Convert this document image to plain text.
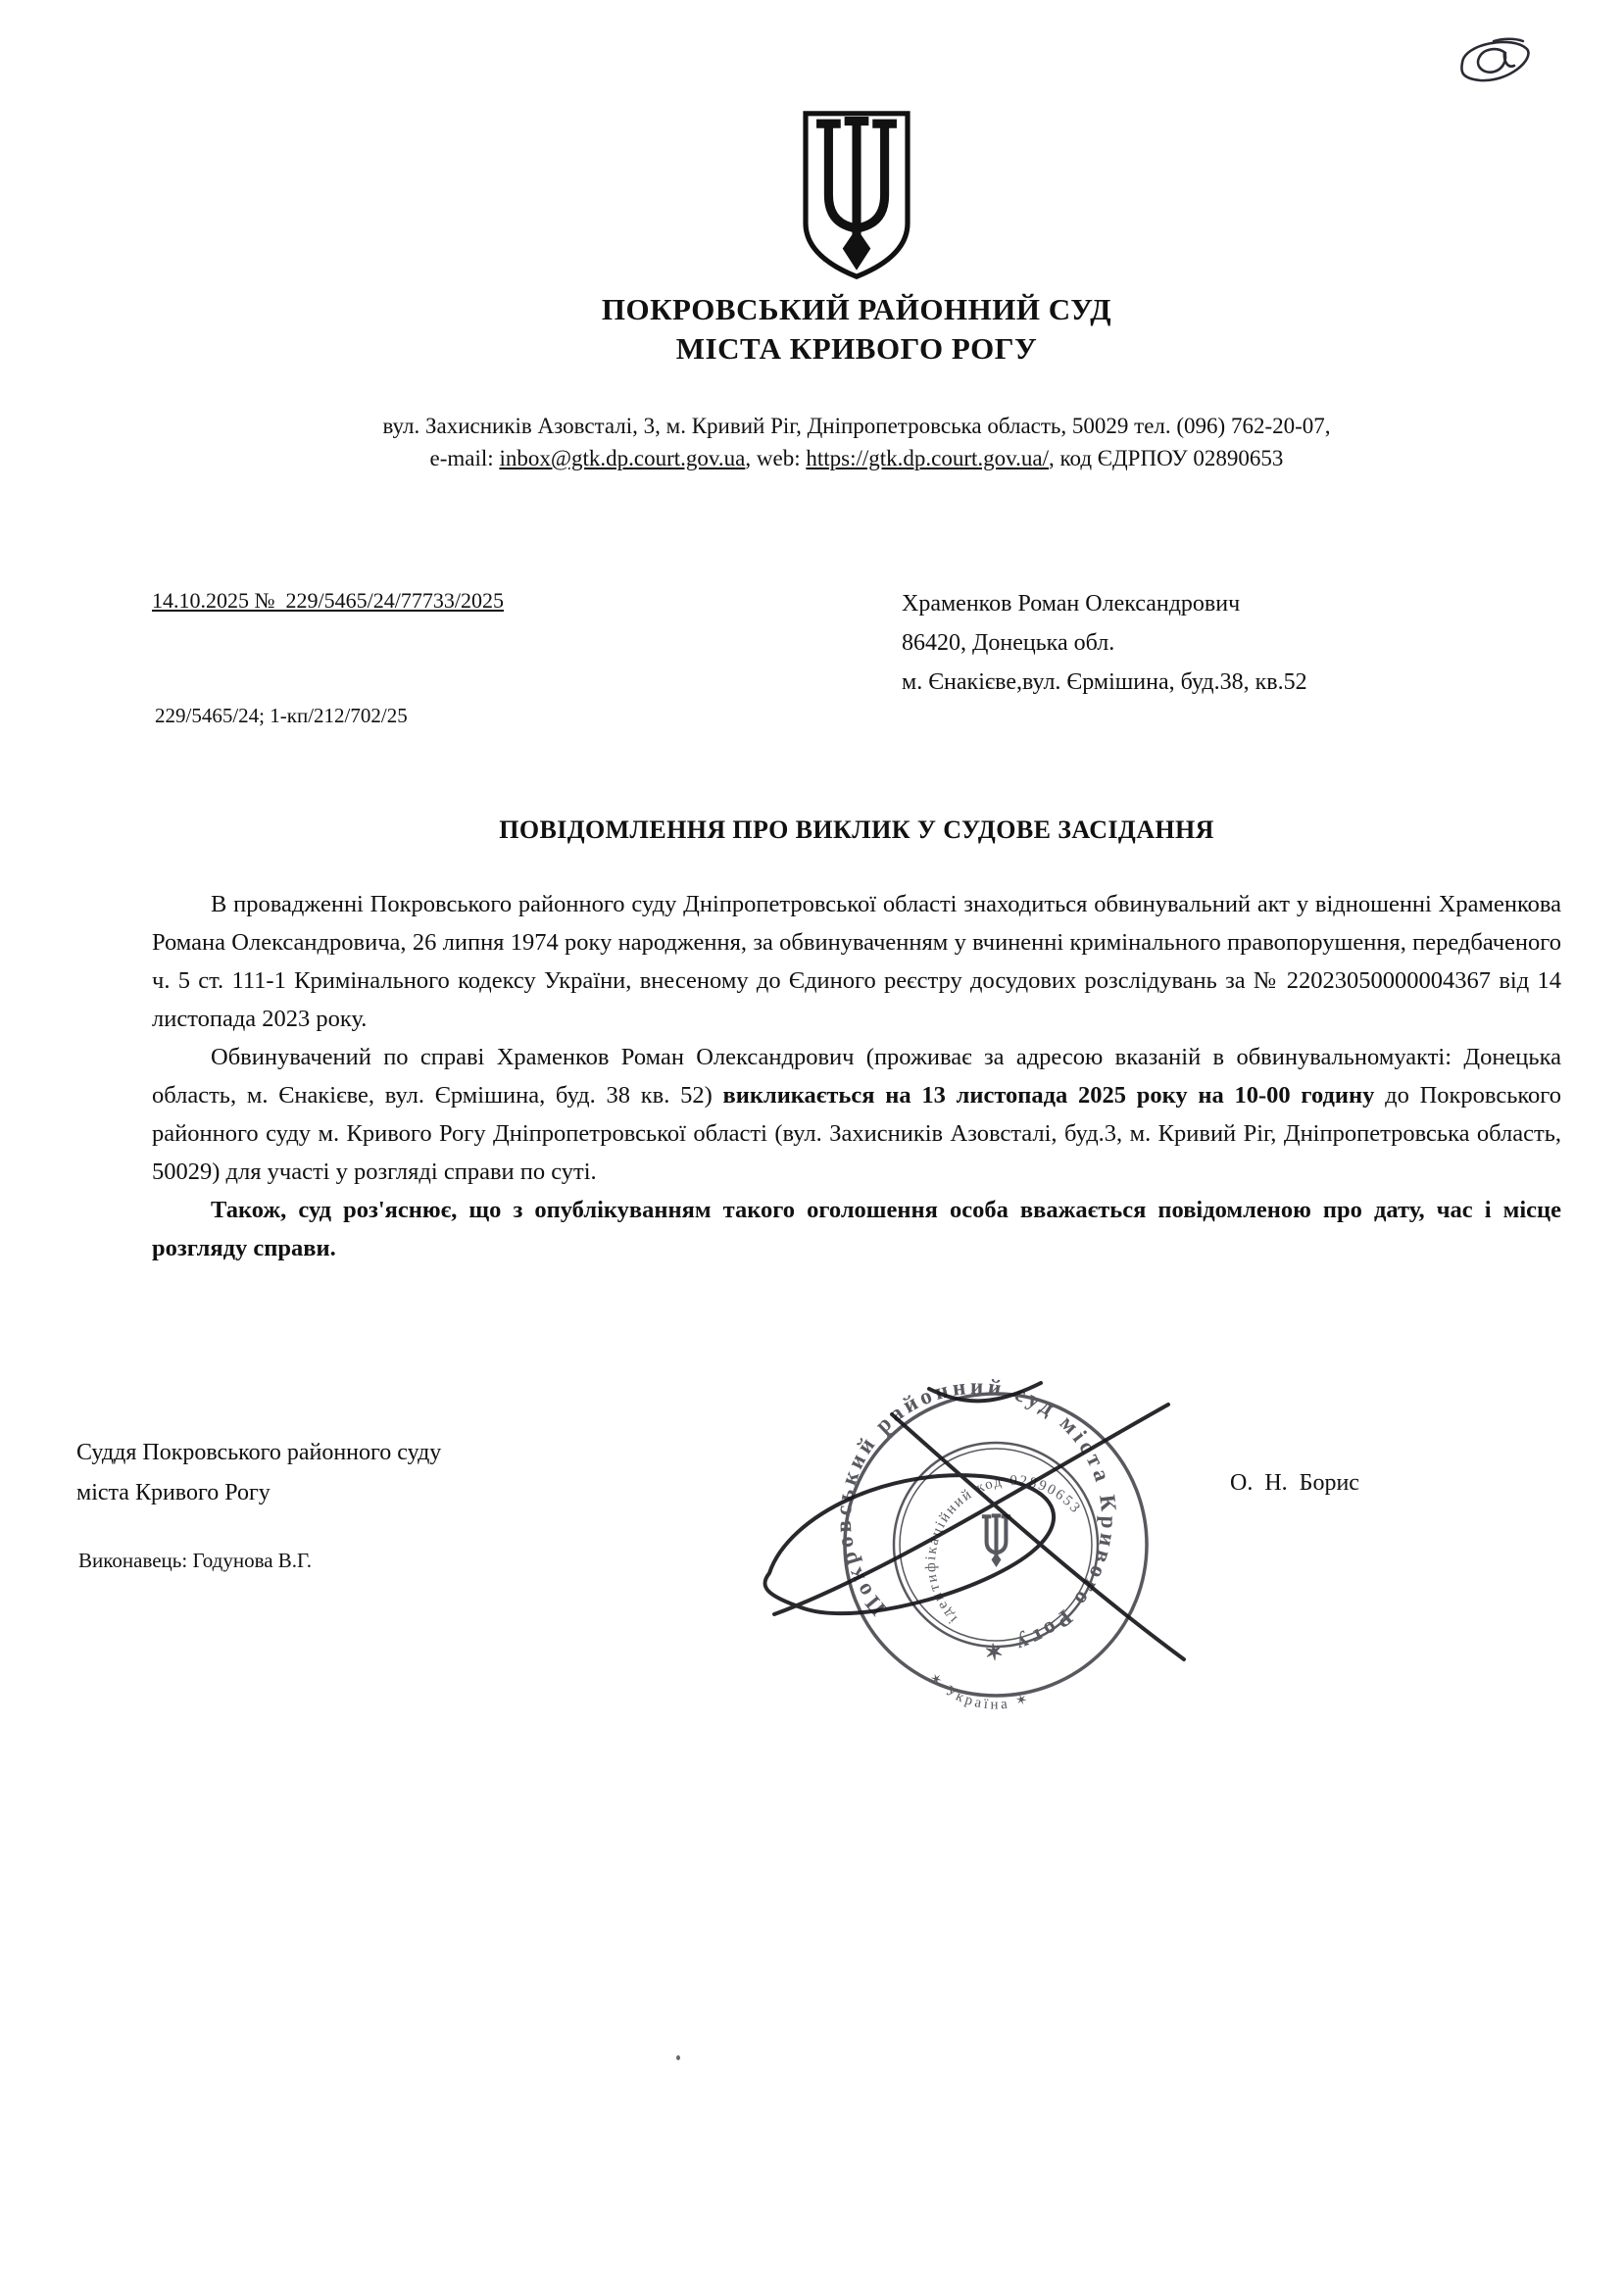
ПОКРОВСЬКИЙ РАЙОННИЙ СУД
МІСТА КРИВОГО РОГУ
вул. Захисників Азовсталі, 3, м. Кривий Ріг, Дніпропетровська область, 50029 тел. (096) 762-20-07,
e-mail: inbox@gtk.dp.court.gov.ua, web: https://gtk.dp.court.gov.ua/, код ЄДРПОУ 02890653
14.10.2025 №  229/5465/24/77733/2025	Храменков Роман Олександрович
86420, Донецька обл.
м. Єнакієве,вул. Єрмішина, буд.38, кв.52
229/5465/24; 1-кп/212/702/25
ПОВІДОМЛЕННЯ ПРО ВИКЛИК У СУДОВЕ ЗАСІДАННЯ

В провадженні Покровського районного суду Дніпропетровської області знаходиться обвинувальний акт у відношенні Храменкова Романа Олександровича, 26 липня 1974 року народження, за обвинуваченням у вчиненні кримінального правопорушення, передбаченого ч. 5 ст. 111-1 Кримінального кодексу України, внесеному до Єдиного реєстру досудових розслідувань за № 22023050000004367 від 14 листопада 2023 року.

Обвинувачений по справі Храменков Роман Олександрович (проживає за адресою вказаній в обвинувальномуакті: Донецька область, м. Єнакієве, вул. Єрмішина, буд. 38 кв. 52) викликається на 13 листопада 2025 року на 10-00 годину до Покровського районного суду м. Кривого Рогу Дніпропетровської області (вул. Захисників Азовсталі, буд.3, м. Кривий Ріг, Дніпропетровська область, 50029) для участі у розгляді справи по суті.

Також, суд роз'яснює, що з опублікуванням такого оголошення особа вважається повідомленою про дату, час і місце розгляду справи.

Суддя Покровського районного суду
міста Кривого Рогу	О.  Н.  Борис
Виконавець: Годунова В.Г.
Покровський районний суд міста Кривого Рогу ✶
ідентифікаційний код 02890653
✶ Україна ✶
